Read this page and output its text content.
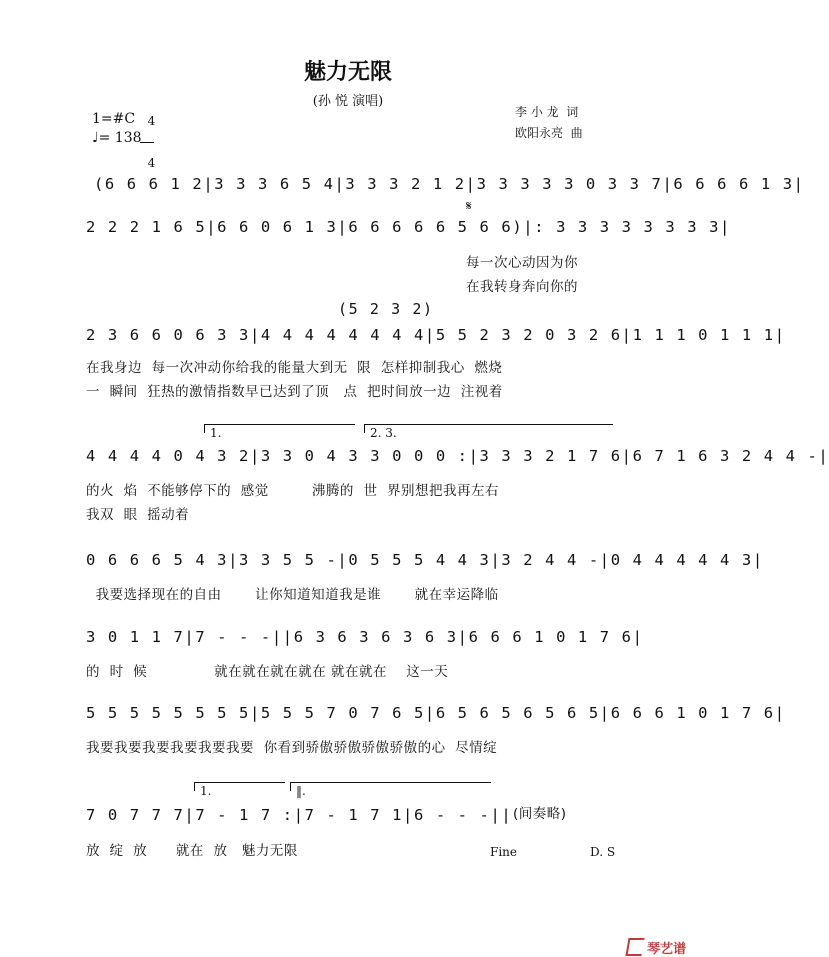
魅力无限
(孙 悦 演唱)
1=#C	4

4

♩= 138
李 小 龙  词
欧阳永亮  曲
(6 6 6 1 2|3 3 3 6 5 4|3 3 3 2 1 2|3 3 3 3 3 0 3 3 7|6 6 6 6 1 3|
2 2 2 1 6 5|6 6 0 6 1 3|6 6 6 6 6 5 6 6)|: 3 3 3 3 3 3 3 3|
𝄋
每一次心动因为你
在我转身奔向你的
(5 2 3 2)
2 3 6 6 0 6 3 3|4 4 4 4 4 4 4 4|5 5 2 3 2 0 3 2 6|1 1 1 0 1 1 1|
在我身边  每一次冲动你给我的能量大到无  限  怎样抑制我心  燃烧
一  瞬间  狂热的激情指数早已达到了顶   点  把时间放一边  注视着
1.	2. 3.
4 4 4 4 0 4 3 2|3 3 0 4 3 3 0 0 0 :|3 3 3 2 1 7 6|6 7 1 6 3 2 4 4 -|
的火  焰  不能够停下的  感觉         沸腾的  世  界别想把我再左右
我双  眼  摇动着
0 6 6 6 5 4 3|3 3 5 5 -|0 5 5 5 4 4 3|3 2 4 4 -|0 4 4 4 4 4 3|
我要选择现在的自由       让你知道知道我是谁       就在幸运降临
3 0 1 1 7|7 - - -||6 3 6 3 6 3 6 3|6 6 6 1 0 1 7 6|
的  时  候              就在就在就在就在 就在就在    这一天
5 5 5 5 5 5 5 5|5 5 5 7 0 7 6 5|6 5 6 5 6 5 6 5|6 6 6 1 0 1 7 6|
我要我要我要我要我要我要  你看到骄傲骄傲骄傲骄傲的心  尽情绽
1.	‖.
7 0 7 7 7|7 - 1 7 :|7 - 1 7 1|6 - - -|| (间奏略)
放  绽  放      就在  放   魅力无限	Fine	D. S

琴艺谱
